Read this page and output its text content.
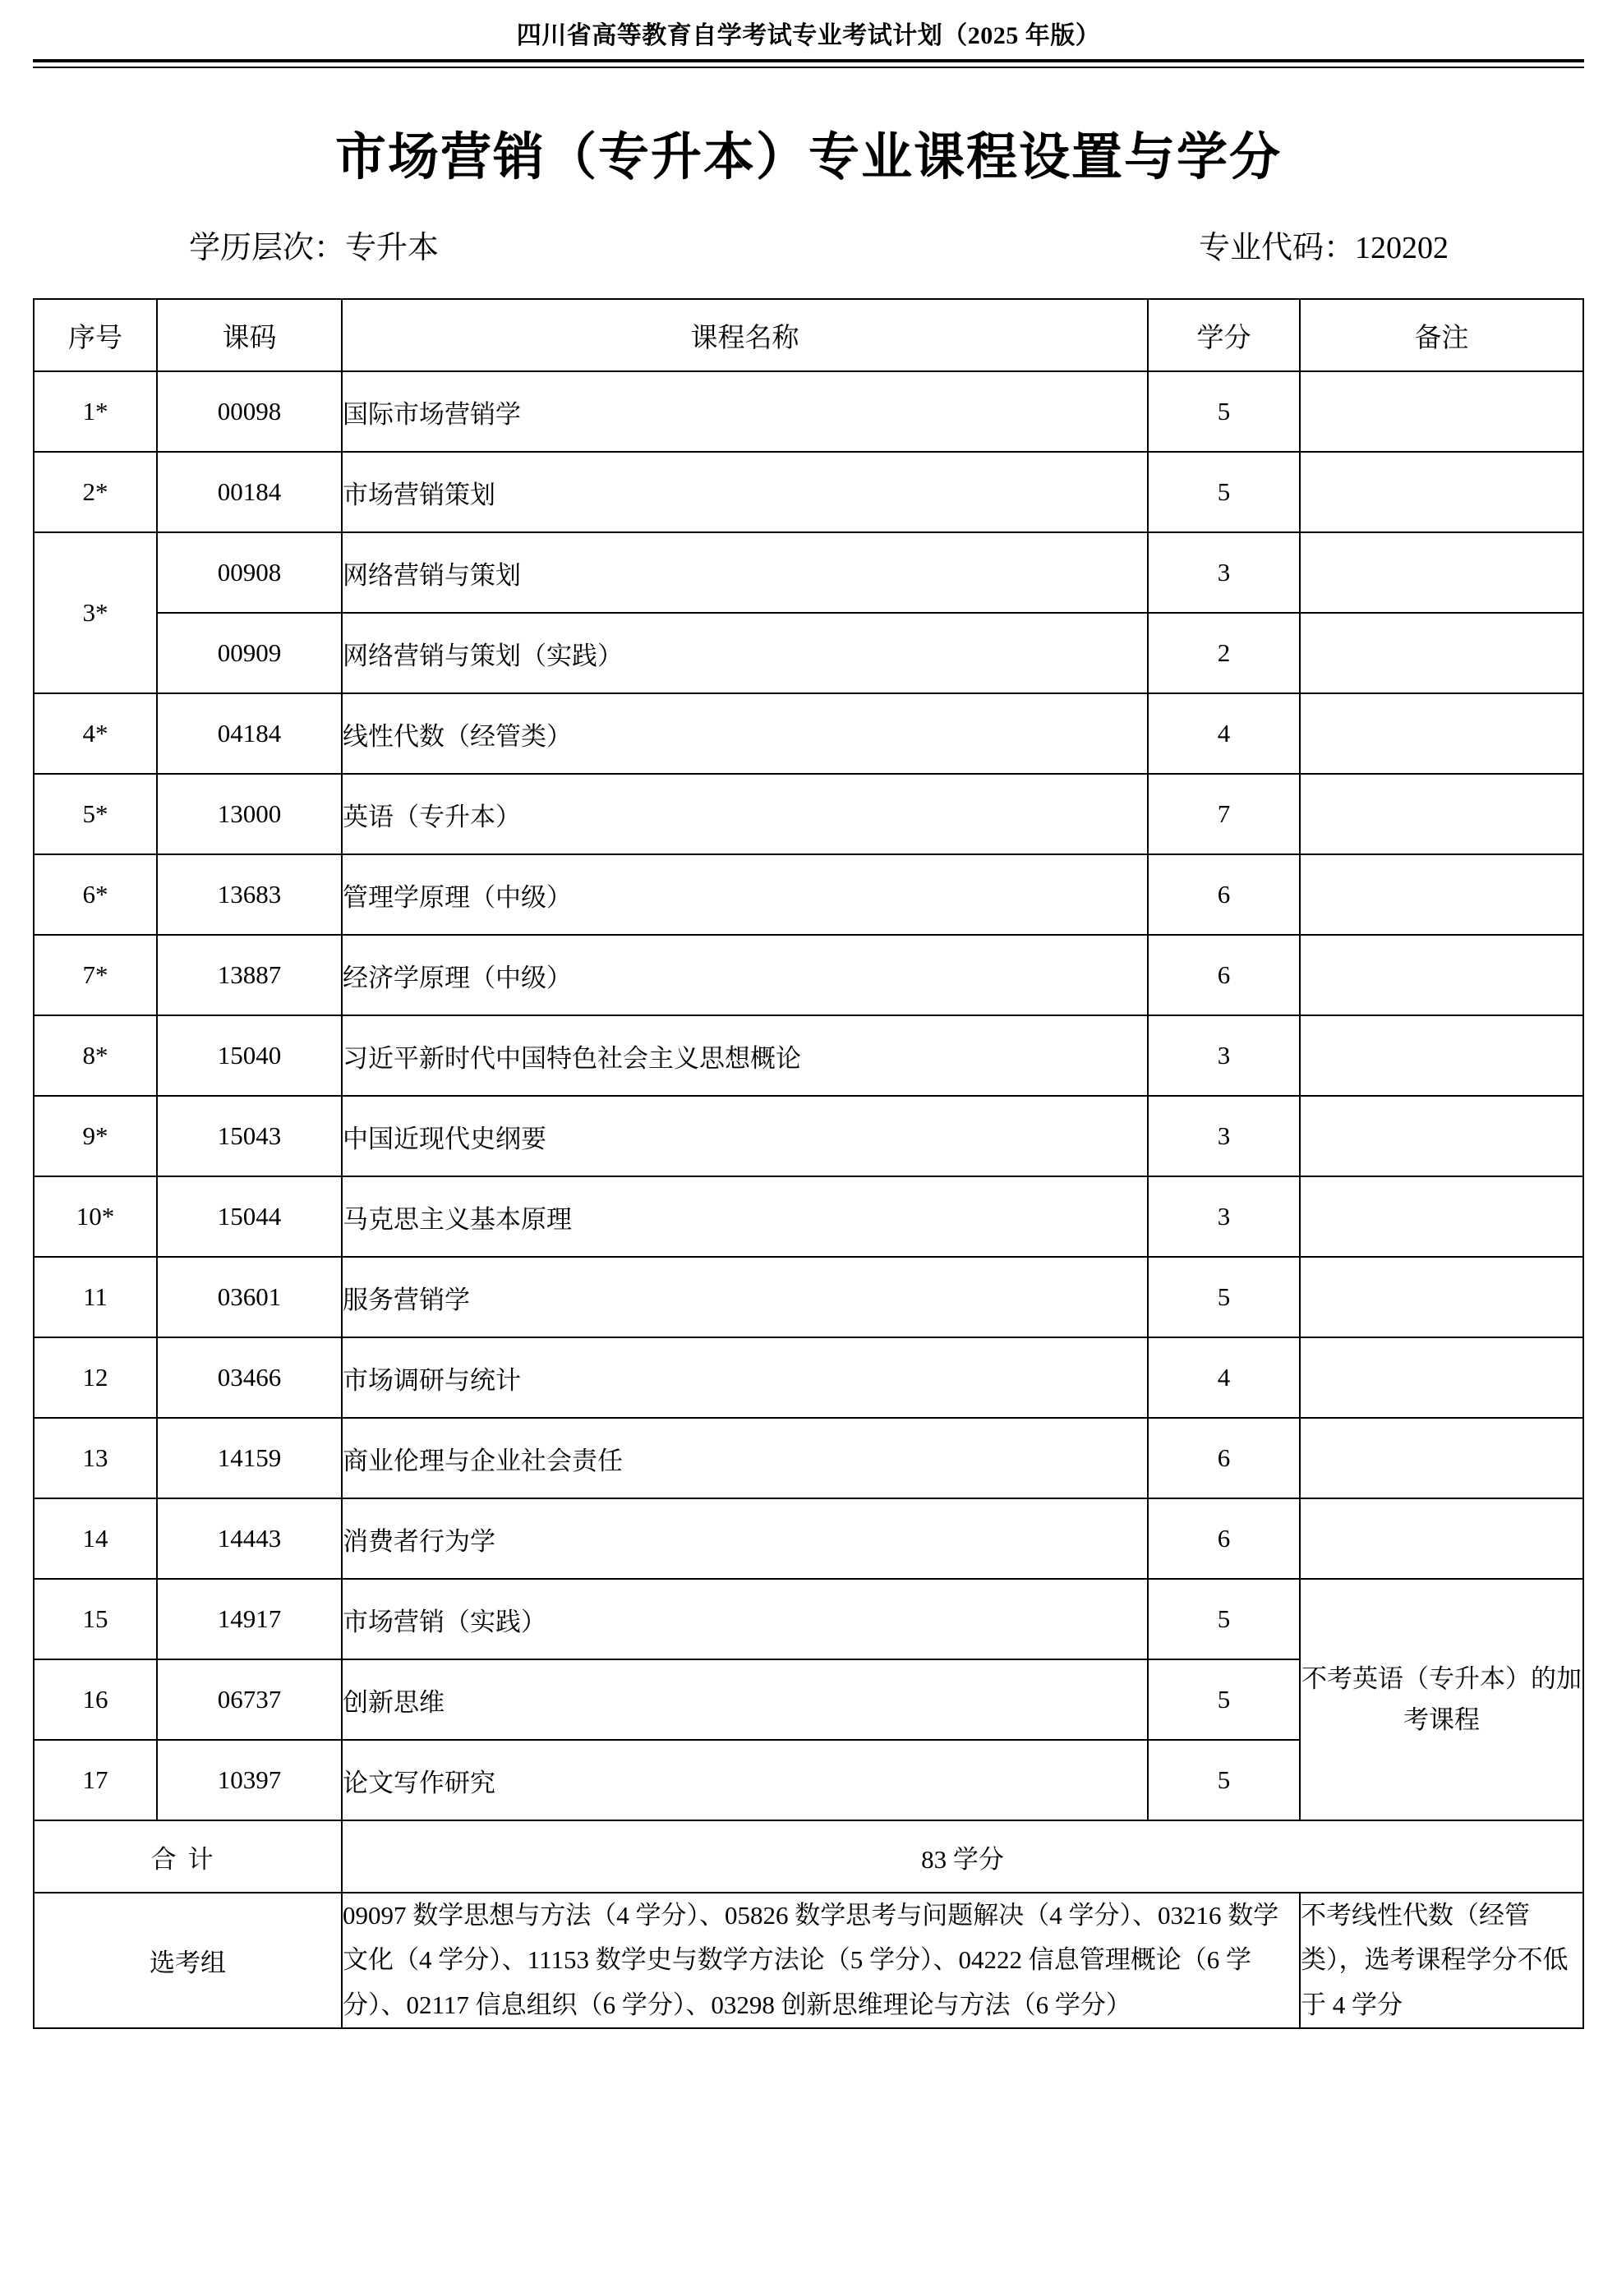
四川省高等教育自学考试专业考试计划（2025 年版）
市场营销（专升本）专业课程设置与学分
学历层次：专升本	专业代码：120202
序号	课码	课程名称	学分	备注
1*	00098	国际市场营销学	5	
2*	00184	市场营销策划	5	
3*	00908	网络营销与策划	3	
	00909	网络营销与策划（实践）	2	
4*	04184	线性代数（经管类）	4	
5*	13000	英语（专升本）	7	
6*	13683	管理学原理（中级）	6	
7*	13887	经济学原理（中级）	6	
8*	15040	习近平新时代中国特色社会主义思想概论	3	
9*	15043	中国近现代史纲要	3	
10*	15044	马克思主义基本原理	3	
11	03601	服务营销学	5	
12	03466	市场调研与统计	4	
13	14159	商业伦理与企业社会责任	6	
14	14443	消费者行为学	6	
15	14917	市场营销（实践）	5	不考英语（专升本）的加考课程
16	06737	创新思维	5	
17	10397	论文写作研究	5	
合计		83 学分		
选考组		09097 数学思想与方法（4 学分）、05826 数学思考与问题解决（4 学分）、03216 数学文化（4 学分）、11153 数学史与数学方法论（5 学分）、04222 信息管理概论（6 学分）、02117 信息组织（6 学分）、03298 创新思维理论与方法（6 学分）		不考线性代数（经管类），选考课程学分不低于 4 学分
